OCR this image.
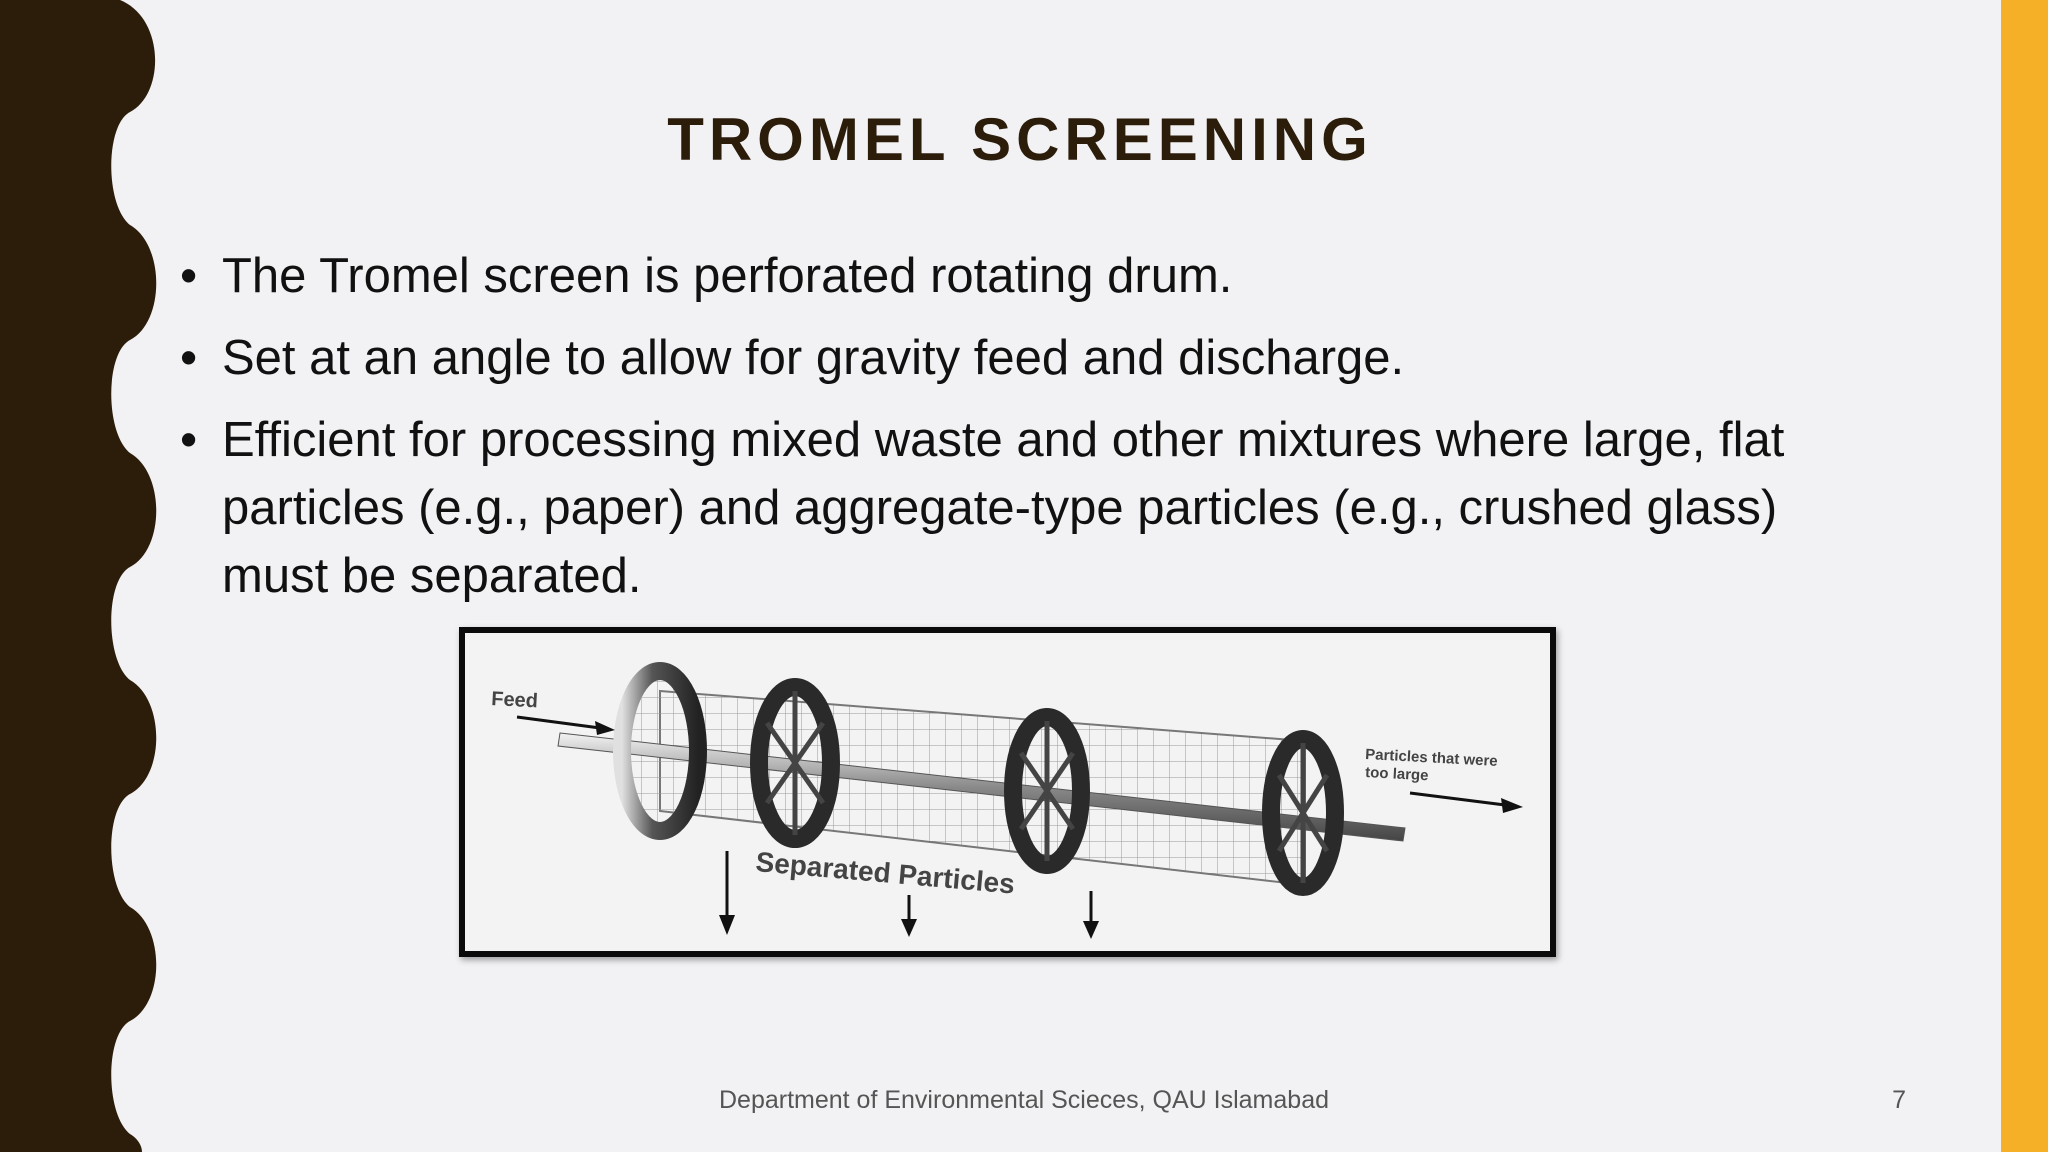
TROMEL SCREENING
• The Tromel screen is perforated rotating drum.
• Set at an angle to allow for gravity feed and discharge.
• Efficient for processing mixed waste and other mixtures where large, flat particles (e.g., paper) and aggregate-type particles (e.g., crushed glass) must be separated.
Feed
Particles that were
too large
Separated Particles
Department of Environmental Scieces, QAU Islamabad	7
